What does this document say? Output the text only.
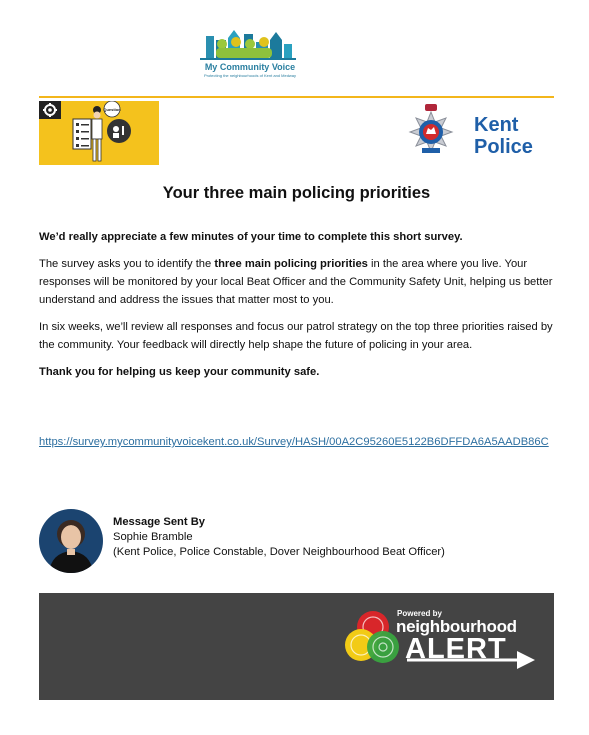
My Community Voice
Protecting the neighbourhoods of Kent and Medway
Question
Kent
Police
Your three main policing priorities

We’d really appreciate a few minutes of your time to complete this short survey.

The survey asks you to identify the three main policing priorities in the area where you live. Your responses will be monitored by your local Beat Officer and the Community Safety Unit, helping us better understand and address the issues that matter most to you.

In six weeks, we’ll review all responses and focus our patrol strategy on the top three priorities raised by the community. Your feedback will directly help shape the future of policing in your area.

Thank you for helping us keep your community safe.

https://survey.mycommunityvoicekent.co.uk/Survey/HASH/00A2C95260E5122B6DFFDA6A5AADB86C
Message Sent By
Sophie Bramble
(Kent Police, Police Constable, Dover Neighbourhood Beat Officer)
Powered by
neighbourhood
ALERT
